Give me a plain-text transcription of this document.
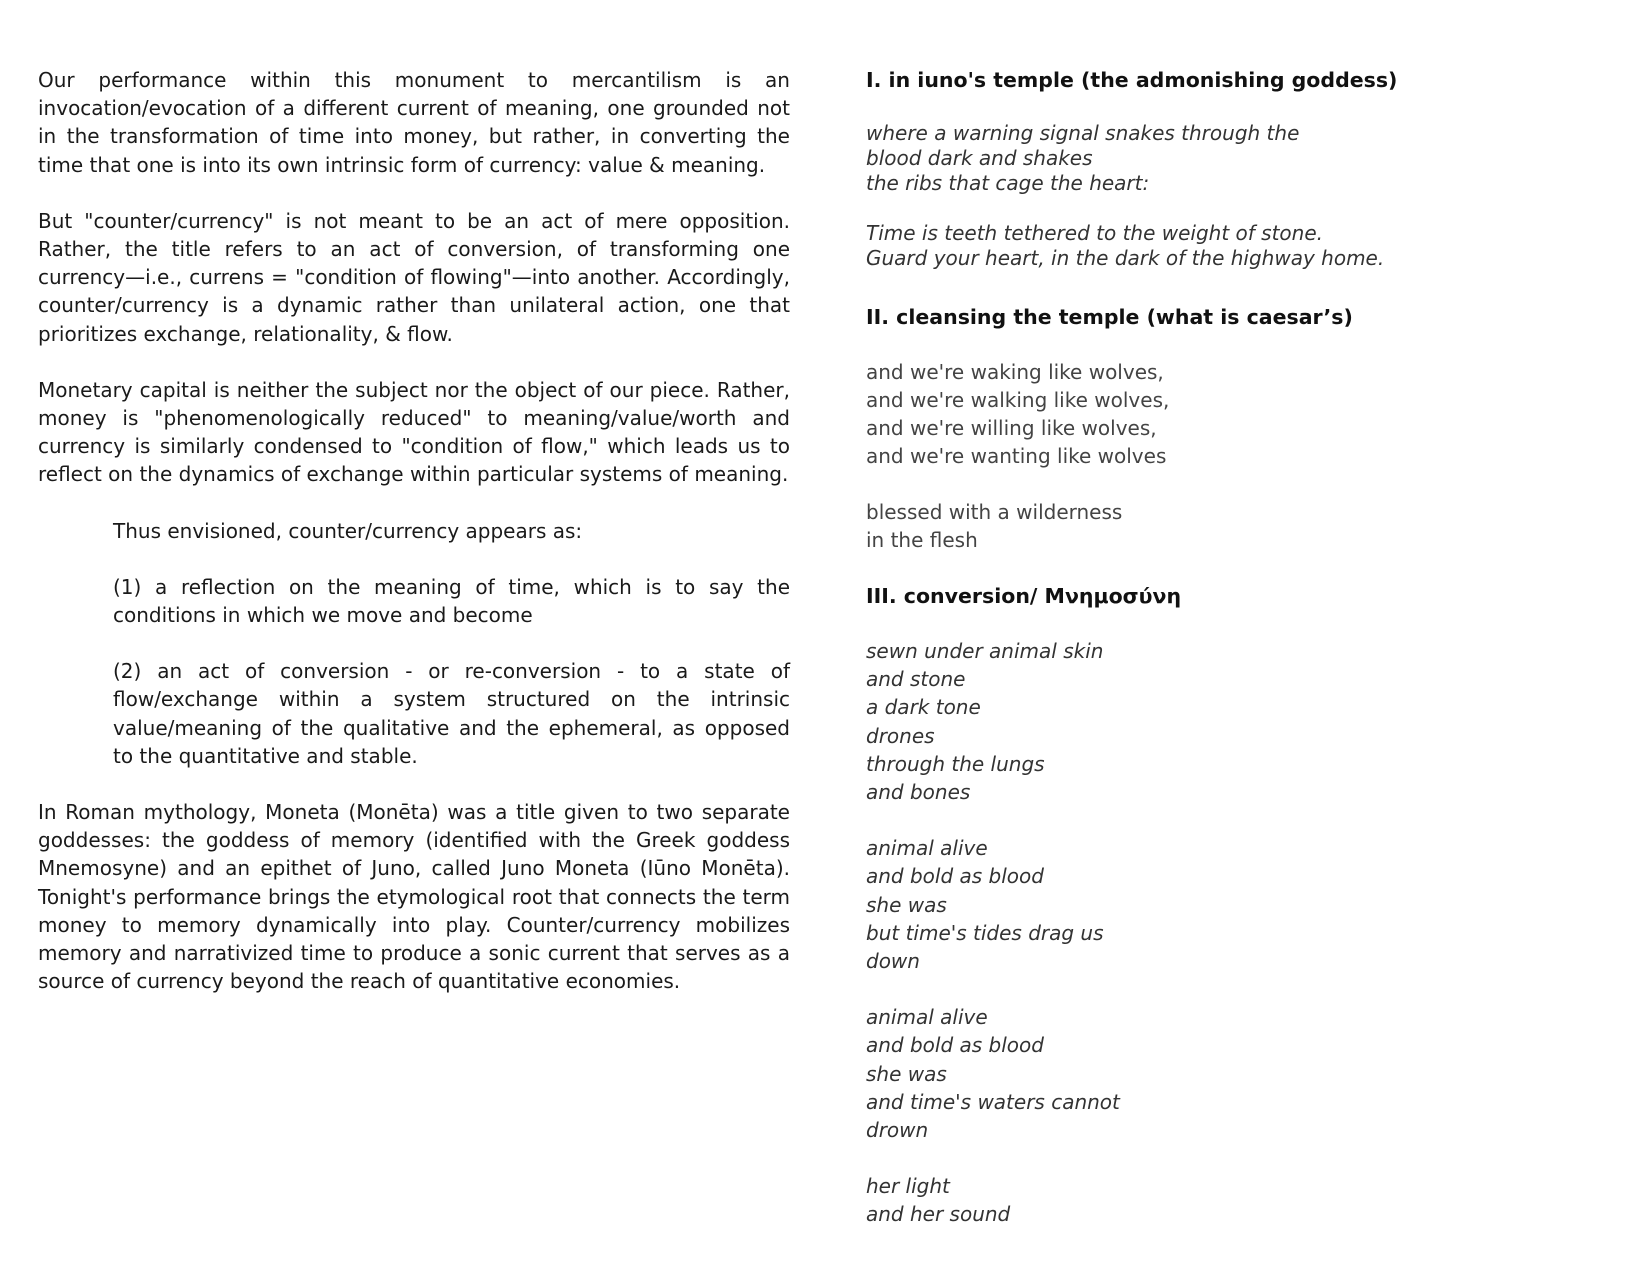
Our performance within this monument to mercantilism is an invocation/evocation of a different current of meaning, one grounded not in the transformation of time into money, but rather, in converting the time that one is into its own intrinsic form of currency: value & meaning.

But "counter/currency" is not meant to be an act of mere opposition. Rather, the title refers to an act of conversion, of transforming one currency—i.e., currens = "condition of flowing"—into another. Accordingly, counter/currency is a dynamic rather than unilateral action, one that prioritizes exchange, relationality, & flow.

Monetary capital is neither the subject nor the object of our piece. Rather, money is "phenomenologically reduced" to meaning/value/worth and currency is similarly condensed to "condition of flow," which leads us to reflect on the dynamics of exchange within particular systems of meaning.

Thus envisioned, counter/currency appears as:

(1) a reflection on the meaning of time, which is to say the conditions in which we move and become

(2) an act of conversion - or re-conversion - to a state of flow/exchange within a system structured on the intrinsic value/meaning of the qualitative and the ephemeral, as opposed to the quantitative and stable.

In Roman mythology, Moneta (Monēta) was a title given to two separate goddesses: the goddess of memory (identified with the Greek goddess Mnemosyne) and an epithet of Juno, called Juno Moneta (Iūno Monēta). Tonight's performance brings the etymological root that connects the term money to memory dynamically into play. Counter/currency mobilizes memory and narrativized time to produce a sonic current that serves as a source of currency beyond the reach of quantitative economies.

I. in iuno's temple (the admonishing goddess)
where a warning signal snakes through the
blood dark and shakes
the ribs that cage the heart:
Time is teeth tethered to the weight of stone.
Guard your heart, in the dark of the highway home.
II. cleansing the temple (what is caesar’s)
and we're waking like wolves,
and we're walking like wolves,
and we're willing like wolves,
and we're wanting like wolves
blessed with a wilderness
in the flesh
III. conversion/ Μνημοσύνη
sewn under animal skin
and stone
a dark tone
drones
through the lungs
and bones
animal alive
and bold as blood
she was
but time's tides drag us
down
animal alive
and bold as blood
she was
and time's waters cannot
drown
her light
and her sound
